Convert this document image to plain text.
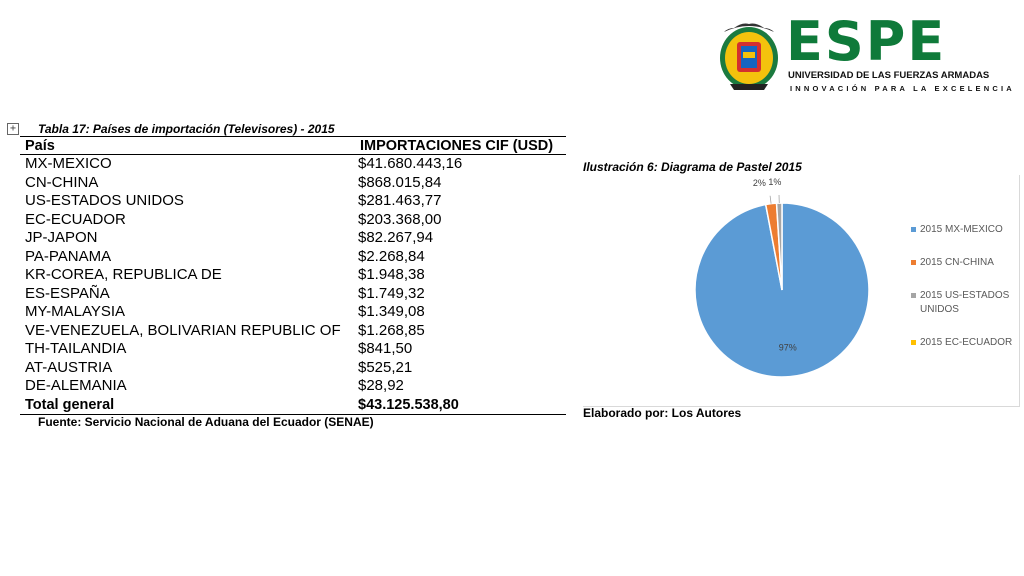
ESPE
UNIVERSIDAD DE LAS FUERZAS ARMADAS
INNOVACIÓN PARA LA EXCELENCIA
+ Tabla 17: Países de importación (Televisores) - 2015
País	IMPORTACIONES CIF (USD)
MX-MEXICO	$41.680.443,16
CN-CHINA	$868.015,84
US-ESTADOS UNIDOS	$281.463,77
EC-ECUADOR	$203.368,00
JP-JAPON	$82.267,94
PA-PANAMA	$2.268,84
KR-COREA, REPUBLICA DE	$1.948,38
ES-ESPAÑA	$1.749,32
MY-MALAYSIA	$1.349,08
VE-VENEZUELA, BOLIVARIAN REPUBLIC OF	$1.268,85
TH-TAILANDIA	$841,50
AT-AUSTRIA	$525,21
DE-ALEMANIA	$28,92
Total general	$43.125.538,80
Fuente: Servicio Nacional de Aduana del Ecuador (SENAE)
Ilustración 6: Diagrama de Pastel 2015
97%
2% 1%
2015 MX-MEXICO
2015 CN-CHINA
2015 US-ESTADOS UNIDOS
2015 EC-ECUADOR
Elaborado por: Los Autores
